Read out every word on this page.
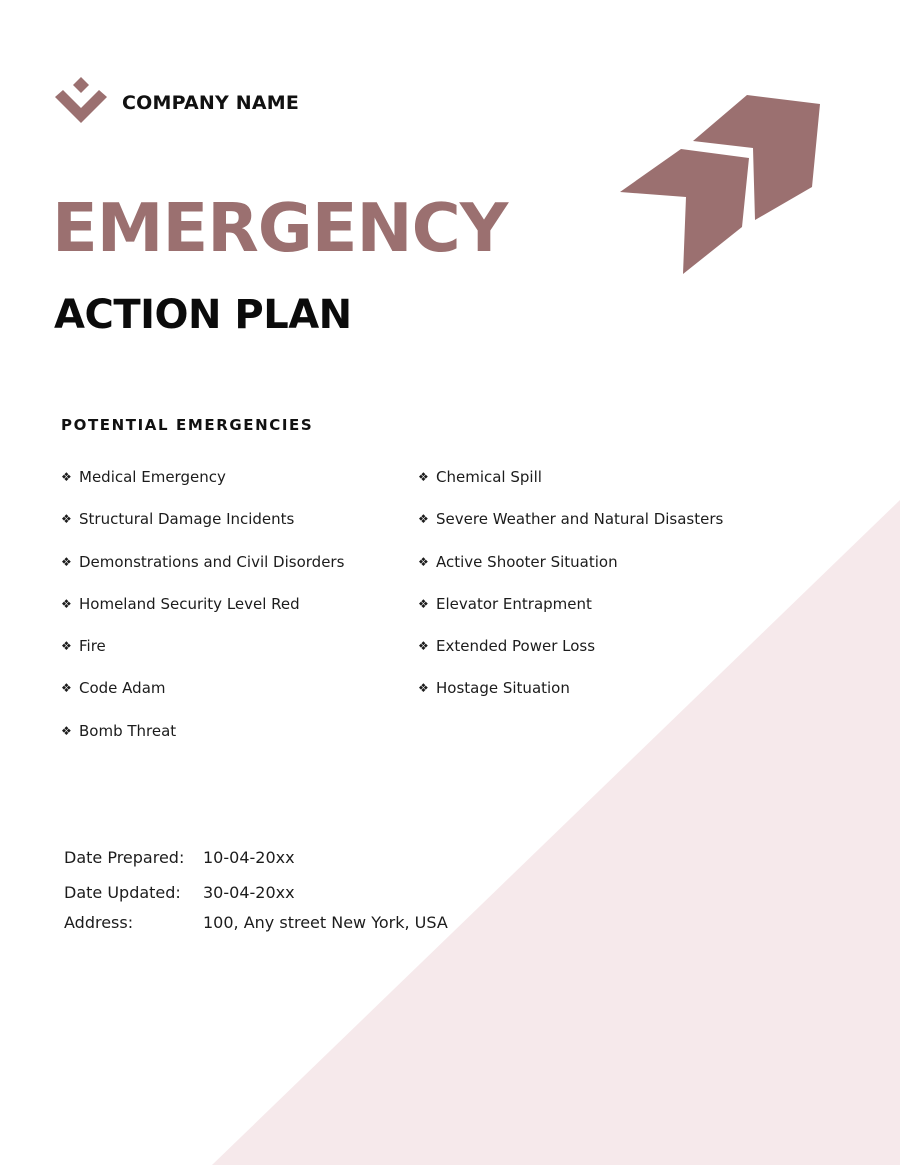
COMPANY NAME
EMERGENCY
ACTION PLAN
POTENTIAL EMERGENCIES
❖ Medical Emergency
❖ Structural Damage Incidents
❖ Demonstrations and Civil Disorders
❖ Homeland Security Level Red
❖ Fire
❖ Code Adam
❖ Bomb Threat
❖ Chemical Spill
❖ Severe Weather and Natural Disasters
❖ Active Shooter Situation
❖ Elevator Entrapment
❖ Extended Power Loss
❖ Hostage Situation
Date Prepared: 10-04-20xx
Date Updated: 30-04-20xx
Address:	100, Any street New York, USA
